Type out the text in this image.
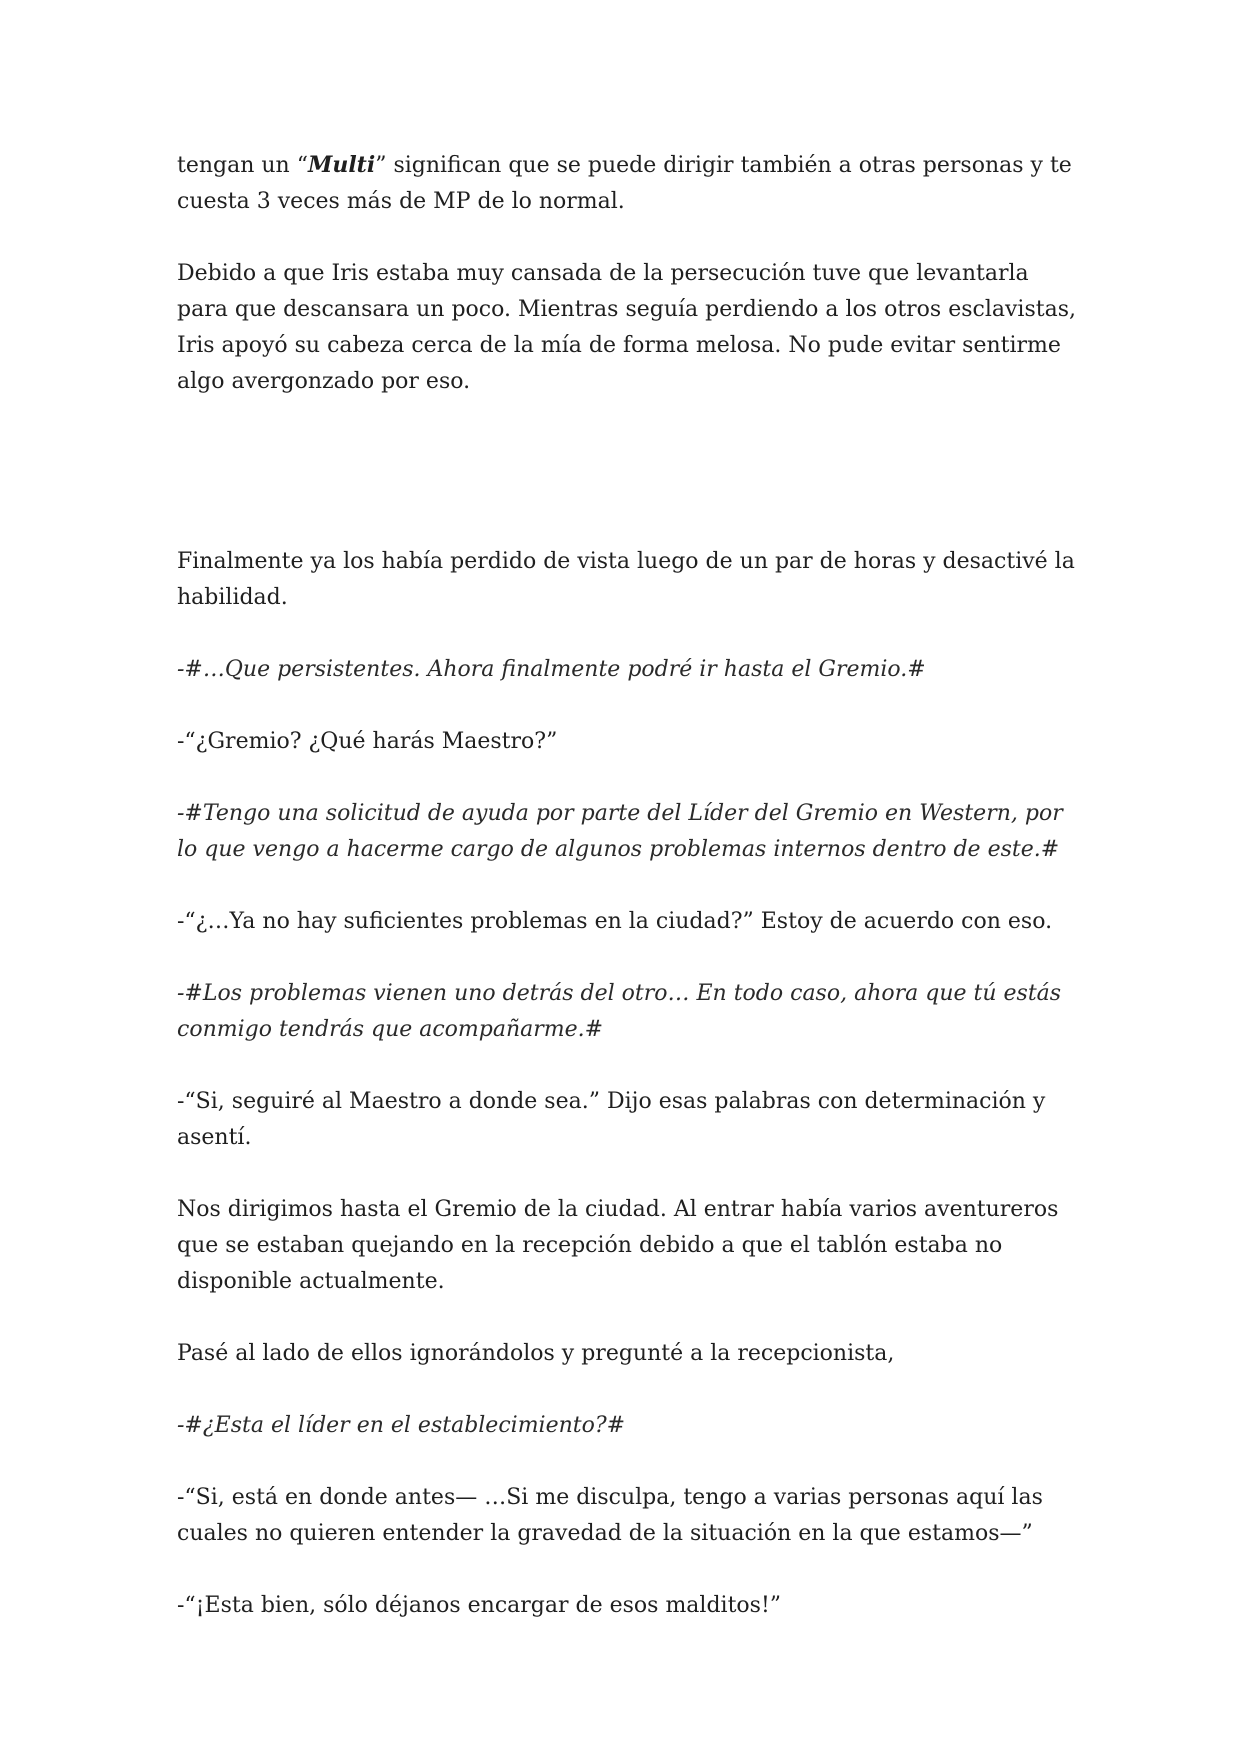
tengan un “Multi” significan que se puede dirigir también a otras personas y te cuesta 3 veces más de MP de lo normal.

Debido a que Iris estaba muy cansada de la persecución tuve que levantarla para que descansara un poco. Mientras seguía perdiendo a los otros esclavistas, Iris apoyó su cabeza cerca de la mía de forma melosa. No pude evitar sentirme algo avergonzado por eso.

Finalmente ya los había perdido de vista luego de un par de horas y desactivé la habilidad.

-#…Que persistentes. Ahora finalmente podré ir hasta el Gremio.#

-“¿Gremio? ¿Qué harás Maestro?”

-#Tengo una solicitud de ayuda por parte del Líder del Gremio en Western, por lo que vengo a hacerme cargo de algunos problemas internos dentro de este.#

-“¿…Ya no hay suficientes problemas en la ciudad?” Estoy de acuerdo con eso.

-#Los problemas vienen uno detrás del otro… En todo caso, ahora que tú estás conmigo tendrás que acompañarme.#

-“Si, seguiré al Maestro a donde sea.” Dijo esas palabras con determinación y asentí.

Nos dirigimos hasta el Gremio de la ciudad. Al entrar había varios aventureros que se estaban quejando en la recepción debido a que el tablón estaba no disponible actualmente.

Pasé al lado de ellos ignorándolos y pregunté a la recepcionista,

-#¿Esta el líder en el establecimiento?#

-“Si, está en donde antes— …Si me disculpa, tengo a varias personas aquí las cuales no quieren entender la gravedad de la situación en la que estamos—”

-“¡Esta bien, sólo déjanos encargar de esos malditos!”
